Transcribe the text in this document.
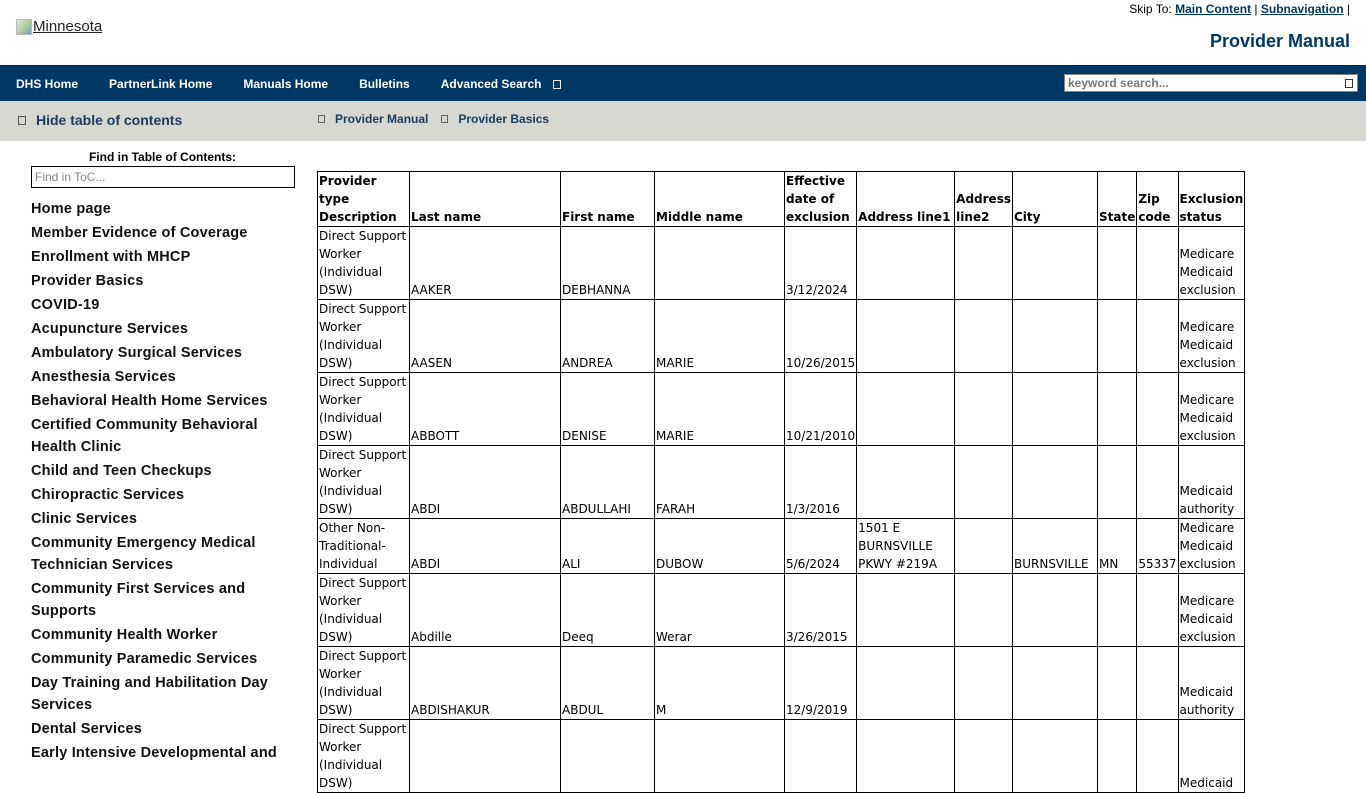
Minnesota
Skip To: Main Content | Subnavigation |
Provider Manual
DHS Home	PartnerLink Home	Manuals Home	Bulletins	Advanced Search
keyword search...
Hide table of contents	Provider Manual	Provider Basics
Find in Table of Contents:
Find in ToC...
Home page
Member Evidence of Coverage
Enrollment with MHCP
Provider Basics
COVID-19
Acupuncture Services
Ambulatory Surgical Services
Anesthesia Services
Behavioral Health Home Services
Certified Community Behavioral Health Clinic
Child and Teen Checkups
Chiropractic Services
Clinic Services
Community Emergency Medical Technician Services
Community First Services and Supports
Community Health Worker
Community Paramedic Services
Day Training and Habilitation Day Services
Dental Services
Early Intensive Developmental and
Provider type Description	Last name	First name	Middle name	Effective date of exclusion	Address line1	Address line2	City	State	Zip code	Exclusion status
Direct Support Worker (Individual DSW)	AAKER	DEBHANNA		3/12/2024						Medicare Medicaid exclusion
Direct Support Worker (Individual DSW)	AASEN	ANDREA	MARIE	10/26/2015						Medicare Medicaid exclusion
Direct Support Worker (Individual DSW)	ABBOTT	DENISE	MARIE	10/21/2010						Medicare Medicaid exclusion
Direct Support Worker (Individual DSW)	ABDI	ABDULLAHI	FARAH	1/3/2016						Medicaid authority
Other Non-Traditional-Individual	ABDI	ALI	DUBOW	5/6/2024	1501 E BURNSVILLE PKWY #219A		BURNSVILLE	MN	55337	Medicare Medicaid exclusion
Direct Support Worker (Individual DSW)	Abdille	Deeq	Werar	3/26/2015						Medicare Medicaid exclusion
Direct Support Worker (Individual DSW)	ABDISHAKUR	ABDUL	M	12/9/2019						Medicaid authority
Direct Support Worker (Individual DSW)										Medicaid
